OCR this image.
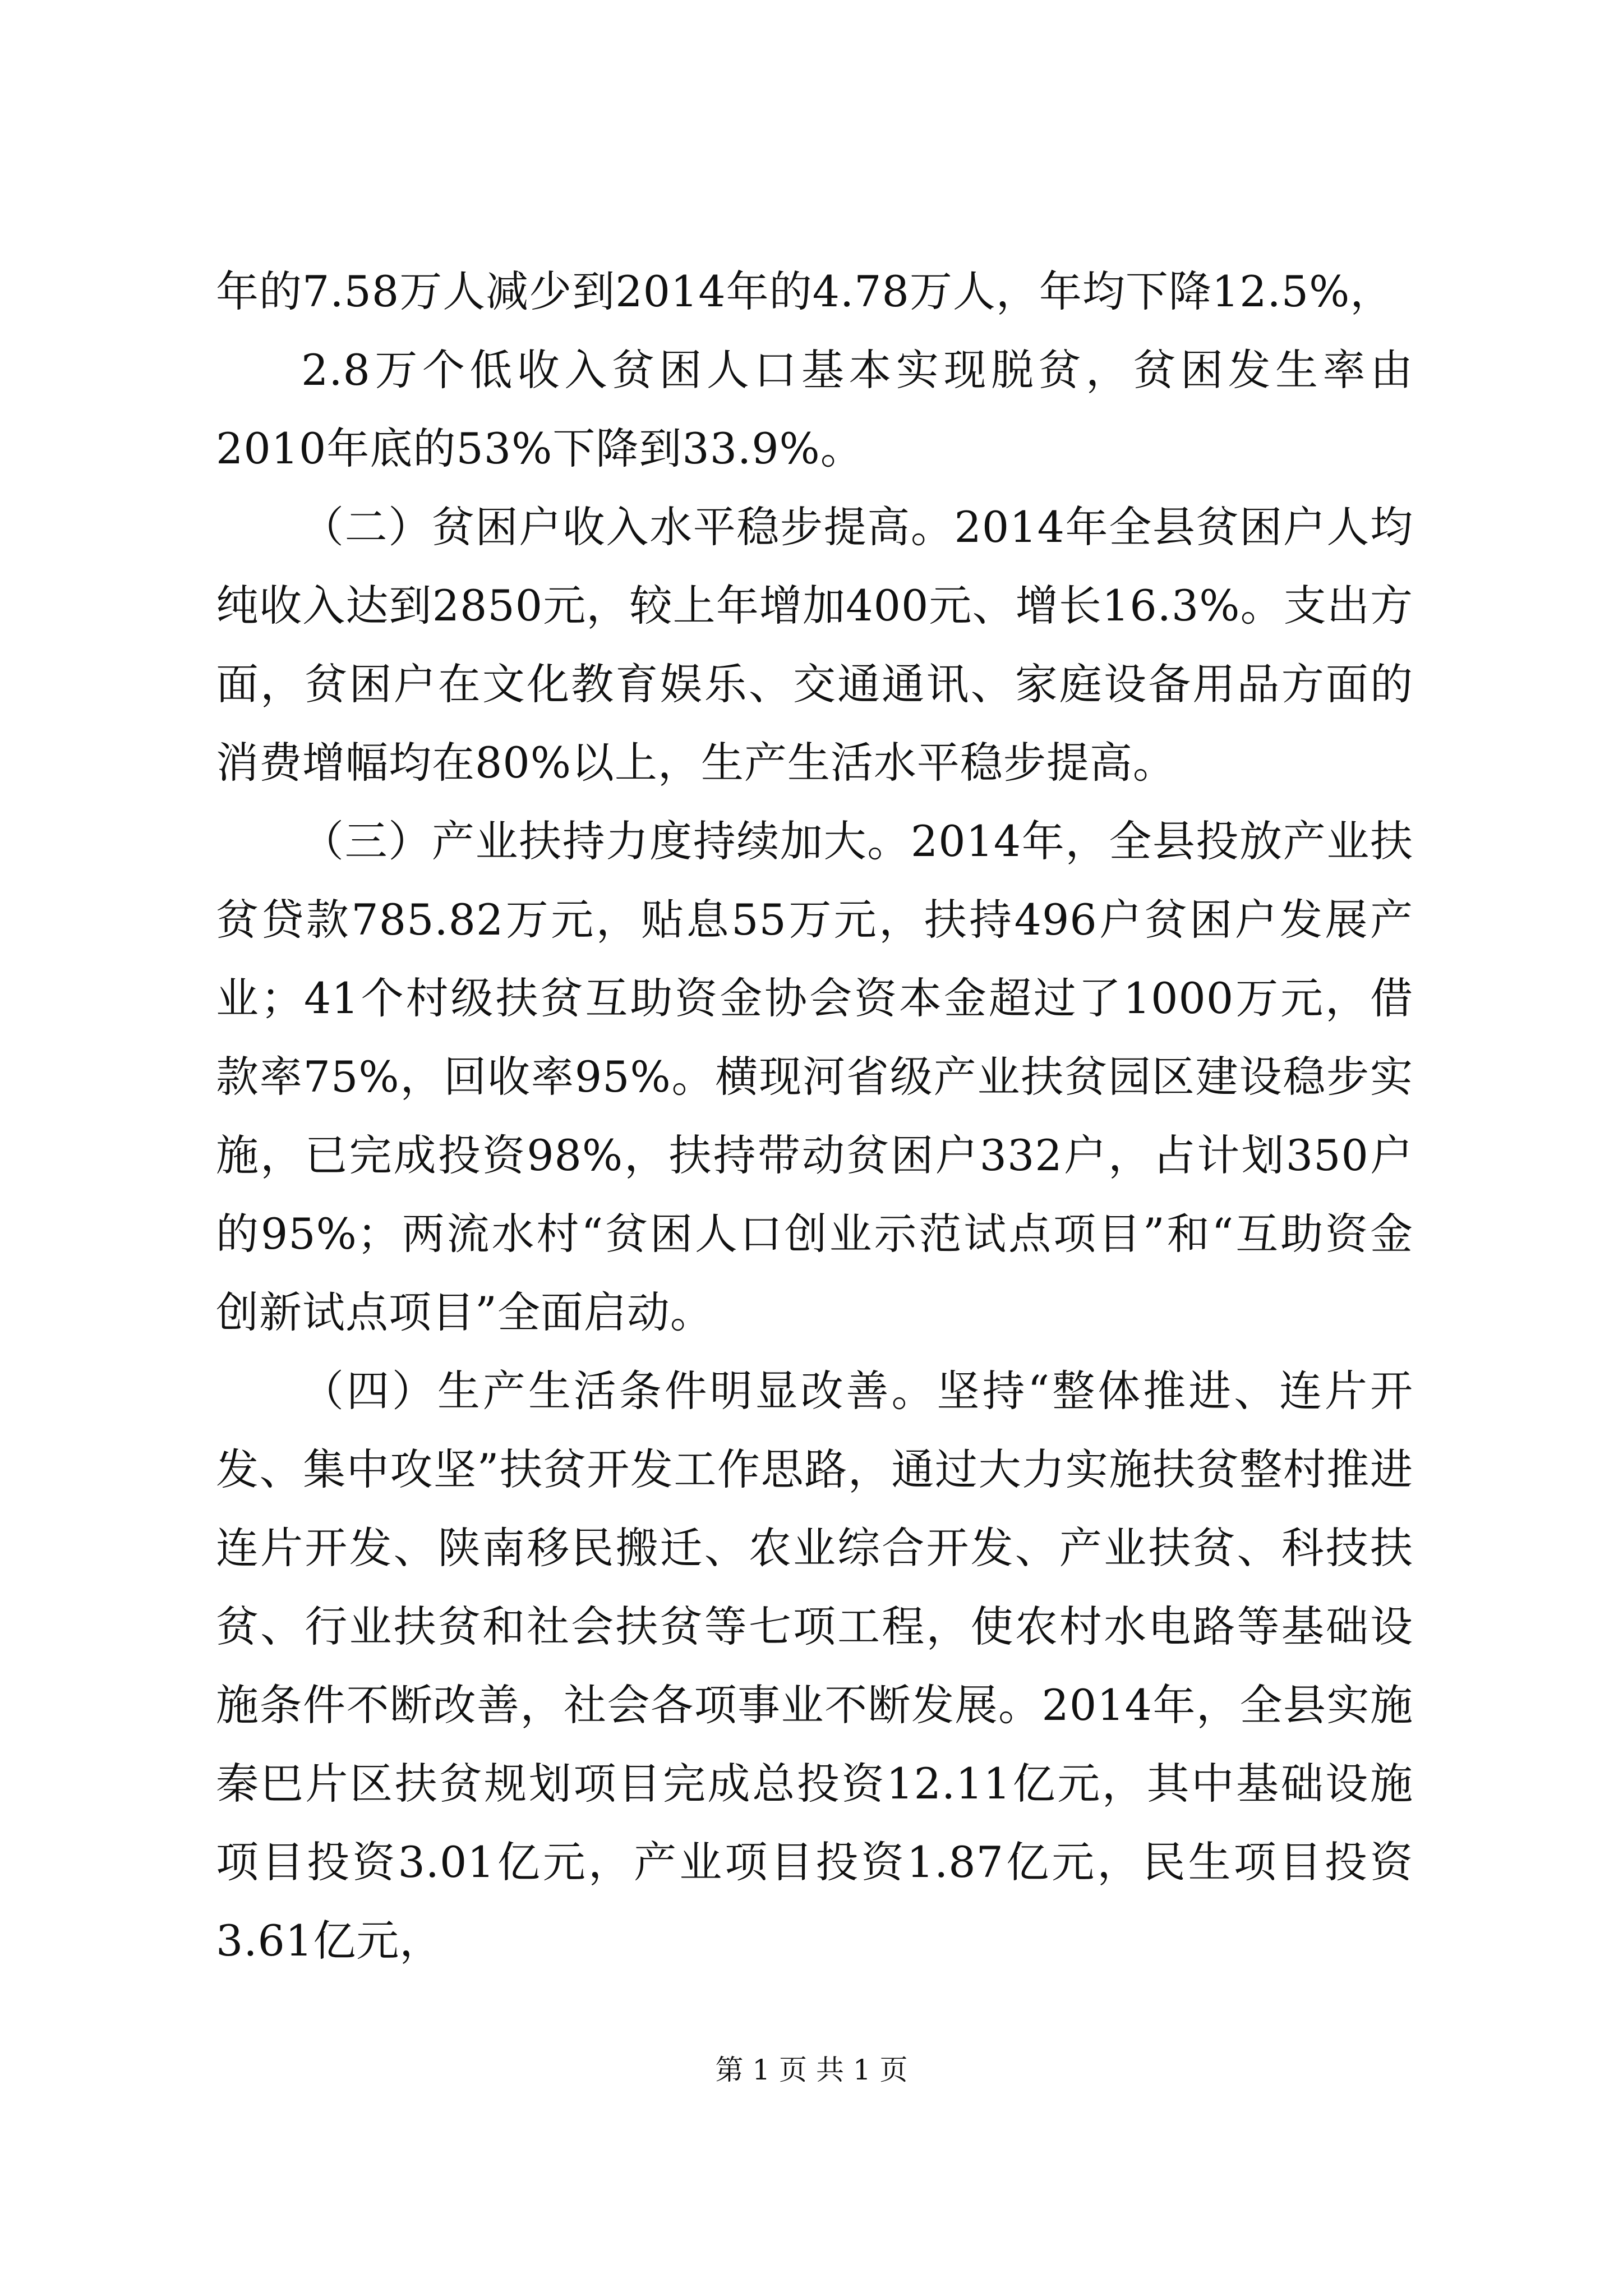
年的7.58万人减少到2014年的4.78万人，年均下降12.5%，

2.8万个低收入贫困人口基本实现脱贫，贫困发生率由2010年底的53%下降到33.9%。

（二）贫困户收入水平稳步提高。2014年全县贫困户人均纯收入达到2850元，较上年增加400元、增长16.3%。支出方面，贫困户在文化教育娱乐、交通通讯、家庭设备用品方面的消费增幅均在80%以上，生产生活水平稳步提高。

（三）产业扶持力度持续加大。2014年，全县投放产业扶贫贷款785.82万元，贴息55万元，扶持496户贫困户发展产业；41个村级扶贫互助资金协会资本金超过了1000万元，借款率75%，回收率95%。横现河省级产业扶贫园区建设稳步实施，已完成投资98%，扶持带动贫困户332户，占计划350户的95%；两流水村“贫困人口创业示范试点项目”和“互助资金创新试点项目”全面启动。

（四）生产生活条件明显改善。坚持“整体推进、连片开发、集中攻坚”扶贫开发工作思路，通过大力实施扶贫整村推进连片开发、陕南移民搬迁、农业综合开发、产业扶贫、科技扶贫、行业扶贫和社会扶贫等七项工程，使农村水电路等基础设施条件不断改善，社会各项事业不断发展。2014年，全县实施秦巴片区扶贫规划项目完成总投资12.11亿元，其中基础设施项目投资3.01亿元，产业项目投资1.87亿元，民生项目投资3.61亿元，

第 1 页 共 1 页
